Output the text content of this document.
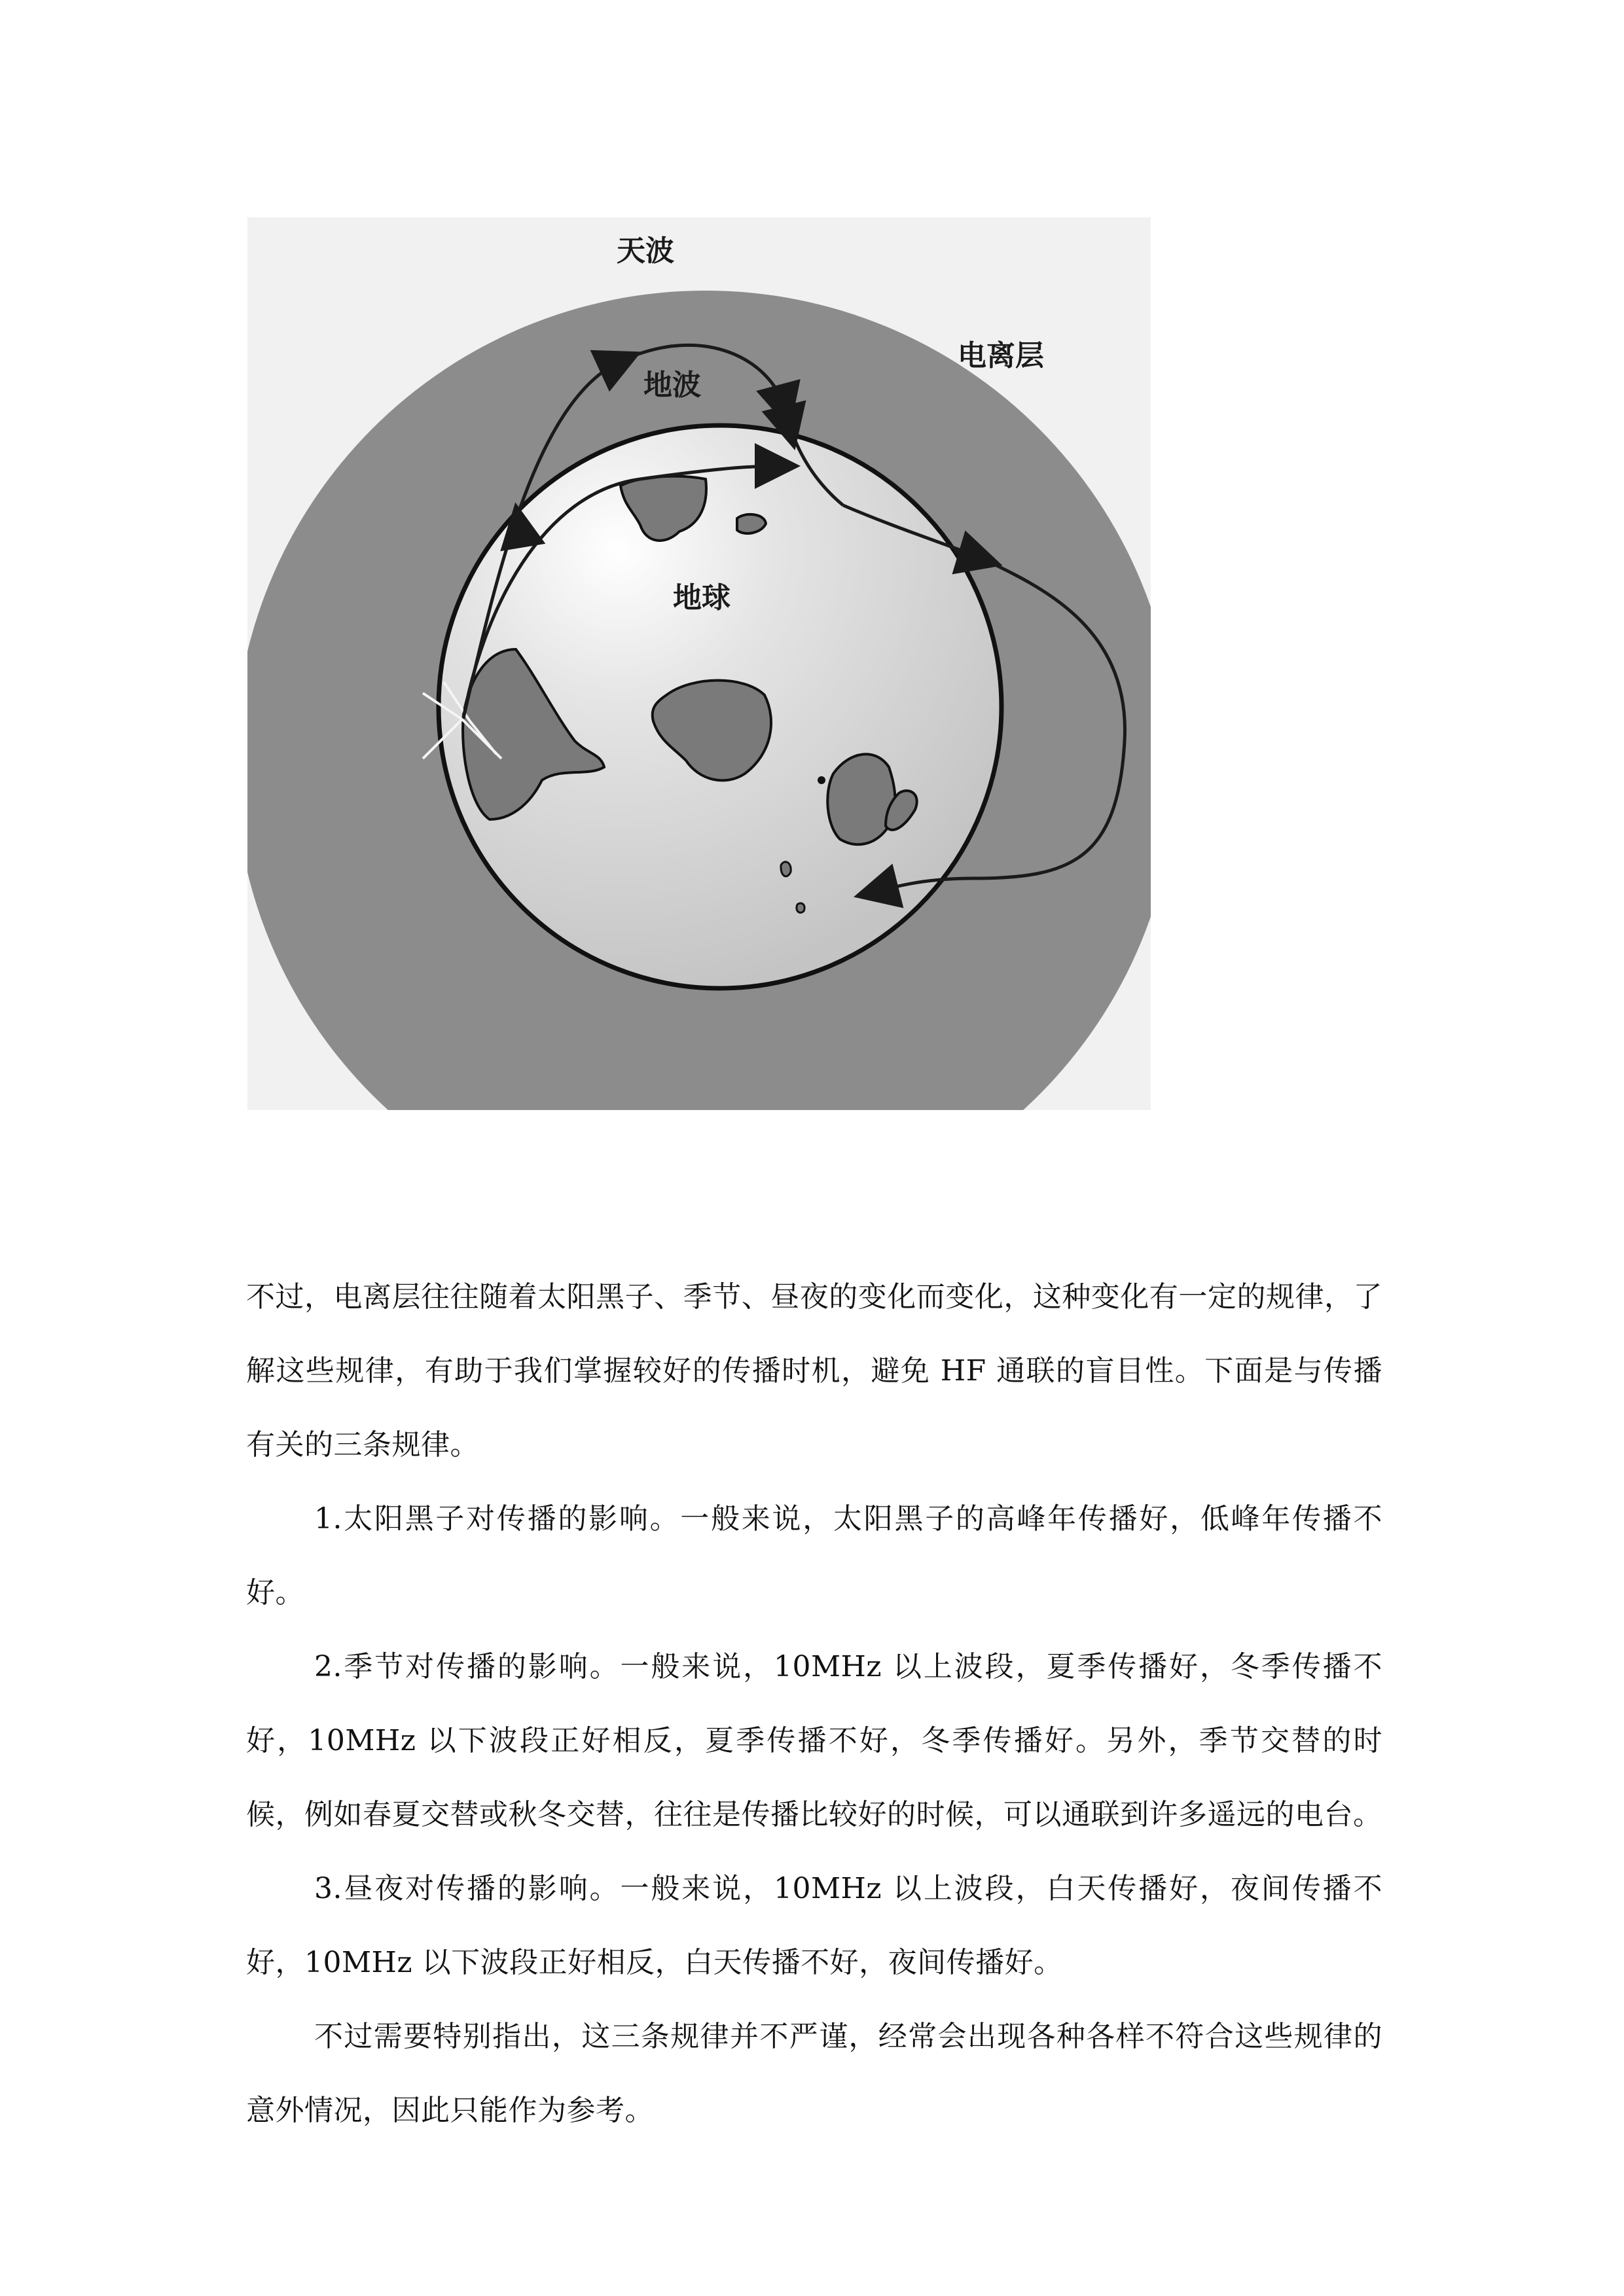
天波
电离层
地波
地球

不过，电离层往往随着太阳黑子、季节、昼夜的变化而变化，这种变化有一定的规律，了解这些规律，有助于我们掌握较好的传播时机，避免 HF 通联的盲目性。下面是与传播有关的三条规律。

1.太阳黑子对传播的影响。一般来说，太阳黑子的高峰年传播好，低峰年传播不好。

2.季节对传播的影响。一般来说，10MHz 以上波段，夏季传播好，冬季传播不好，10MHz 以下波段正好相反，夏季传播不好，冬季传播好。另外，季节交替的时候，例如春夏交替或秋冬交替，往往是传播比较好的时候，可以通联到许多遥远的电台。

3.昼夜对传播的影响。一般来说，10MHz 以上波段，白天传播好，夜间传播不好，10MHz 以下波段正好相反，白天传播不好，夜间传播好。

不过需要特别指出，这三条规律并不严谨，经常会出现各种各样不符合这些规律的意外情况，因此只能作为参考。
